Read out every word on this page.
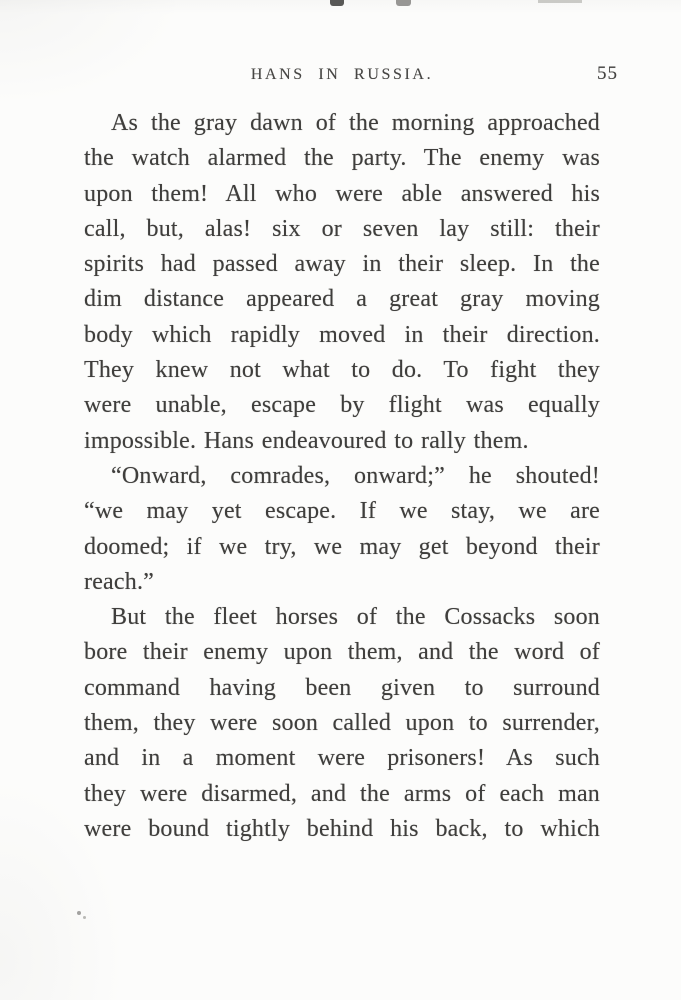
HANS IN RUSSIA.	55
As the gray dawn of the morning approached
the watch alarmed the party. The enemy was
upon them! All who were able answered his
call, but, alas! six or seven lay still: their
spirits had passed away in their sleep. In the
dim distance appeared a great gray moving
body which rapidly moved in their direction.
They knew not what to do. To fight they
were unable, escape by flight was equally
impossible. Hans endeavoured to rally them.
“Onward, comrades, onward;” he shouted!
“we may yet escape. If we stay, we are
doomed; if we try, we may get beyond their
reach.”
But the fleet horses of the Cossacks soon
bore their enemy upon them, and the word of
command having been given to surround
them, they were soon called upon to surrender,
and in a moment were prisoners! As such
they were disarmed, and the arms of each man
were bound tightly behind his back, to which
